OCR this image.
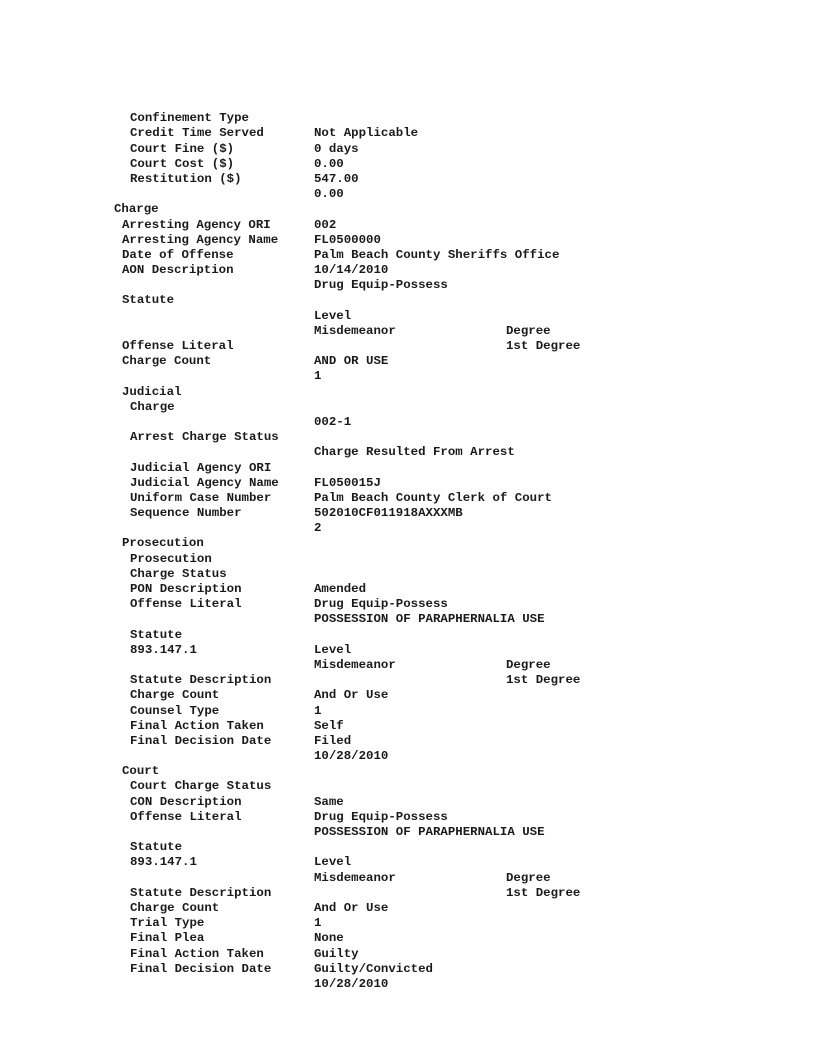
Confinement Type

Not Applicable

Credit Time Served

0 days

Court Fine ($)

0.00

Court Cost ($)

547.00

Restitution ($)

0.00

Charge

002

Arresting Agency ORI

FL0500000

Arresting Agency Name

Palm Beach County Sheriffs Office

Date of Offense

10/14/2010

AON Description

Drug Equip-Possess

Statute

Level

Degree

Misdemeanor

1st Degree

Offense Literal

AND OR USE

Charge Count

1

Judicial

Charge

002-1

Arrest Charge Status

Charge Resulted From Arrest

Judicial Agency ORI

FL050015J

Judicial Agency Name

Palm Beach County Clerk of Court

Uniform Case Number

502010CF011918AXXXMB

Sequence Number

2

Prosecution

Prosecution

Charge Status

Amended

PON Description

Drug Equip-Possess

Offense Literal

POSSESSION OF PARAPHERNALIA USE

Statute

Level

Degree

893.147.1

Misdemeanor

1st Degree

Statute Description

And Or Use

Charge Count

1

Counsel Type

Self

Final Action Taken

Filed

Final Decision Date

10/28/2010

Court

Court Charge Status

Same

CON Description

Drug Equip-Possess

Offense Literal

POSSESSION OF PARAPHERNALIA USE

Statute

Level

Degree

893.147.1

Misdemeanor

1st Degree

Statute Description

And Or Use

Charge Count

1

Trial Type

None

Final Plea

Guilty

Final Action Taken

Guilty/Convicted

Final Decision Date

10/28/2010
